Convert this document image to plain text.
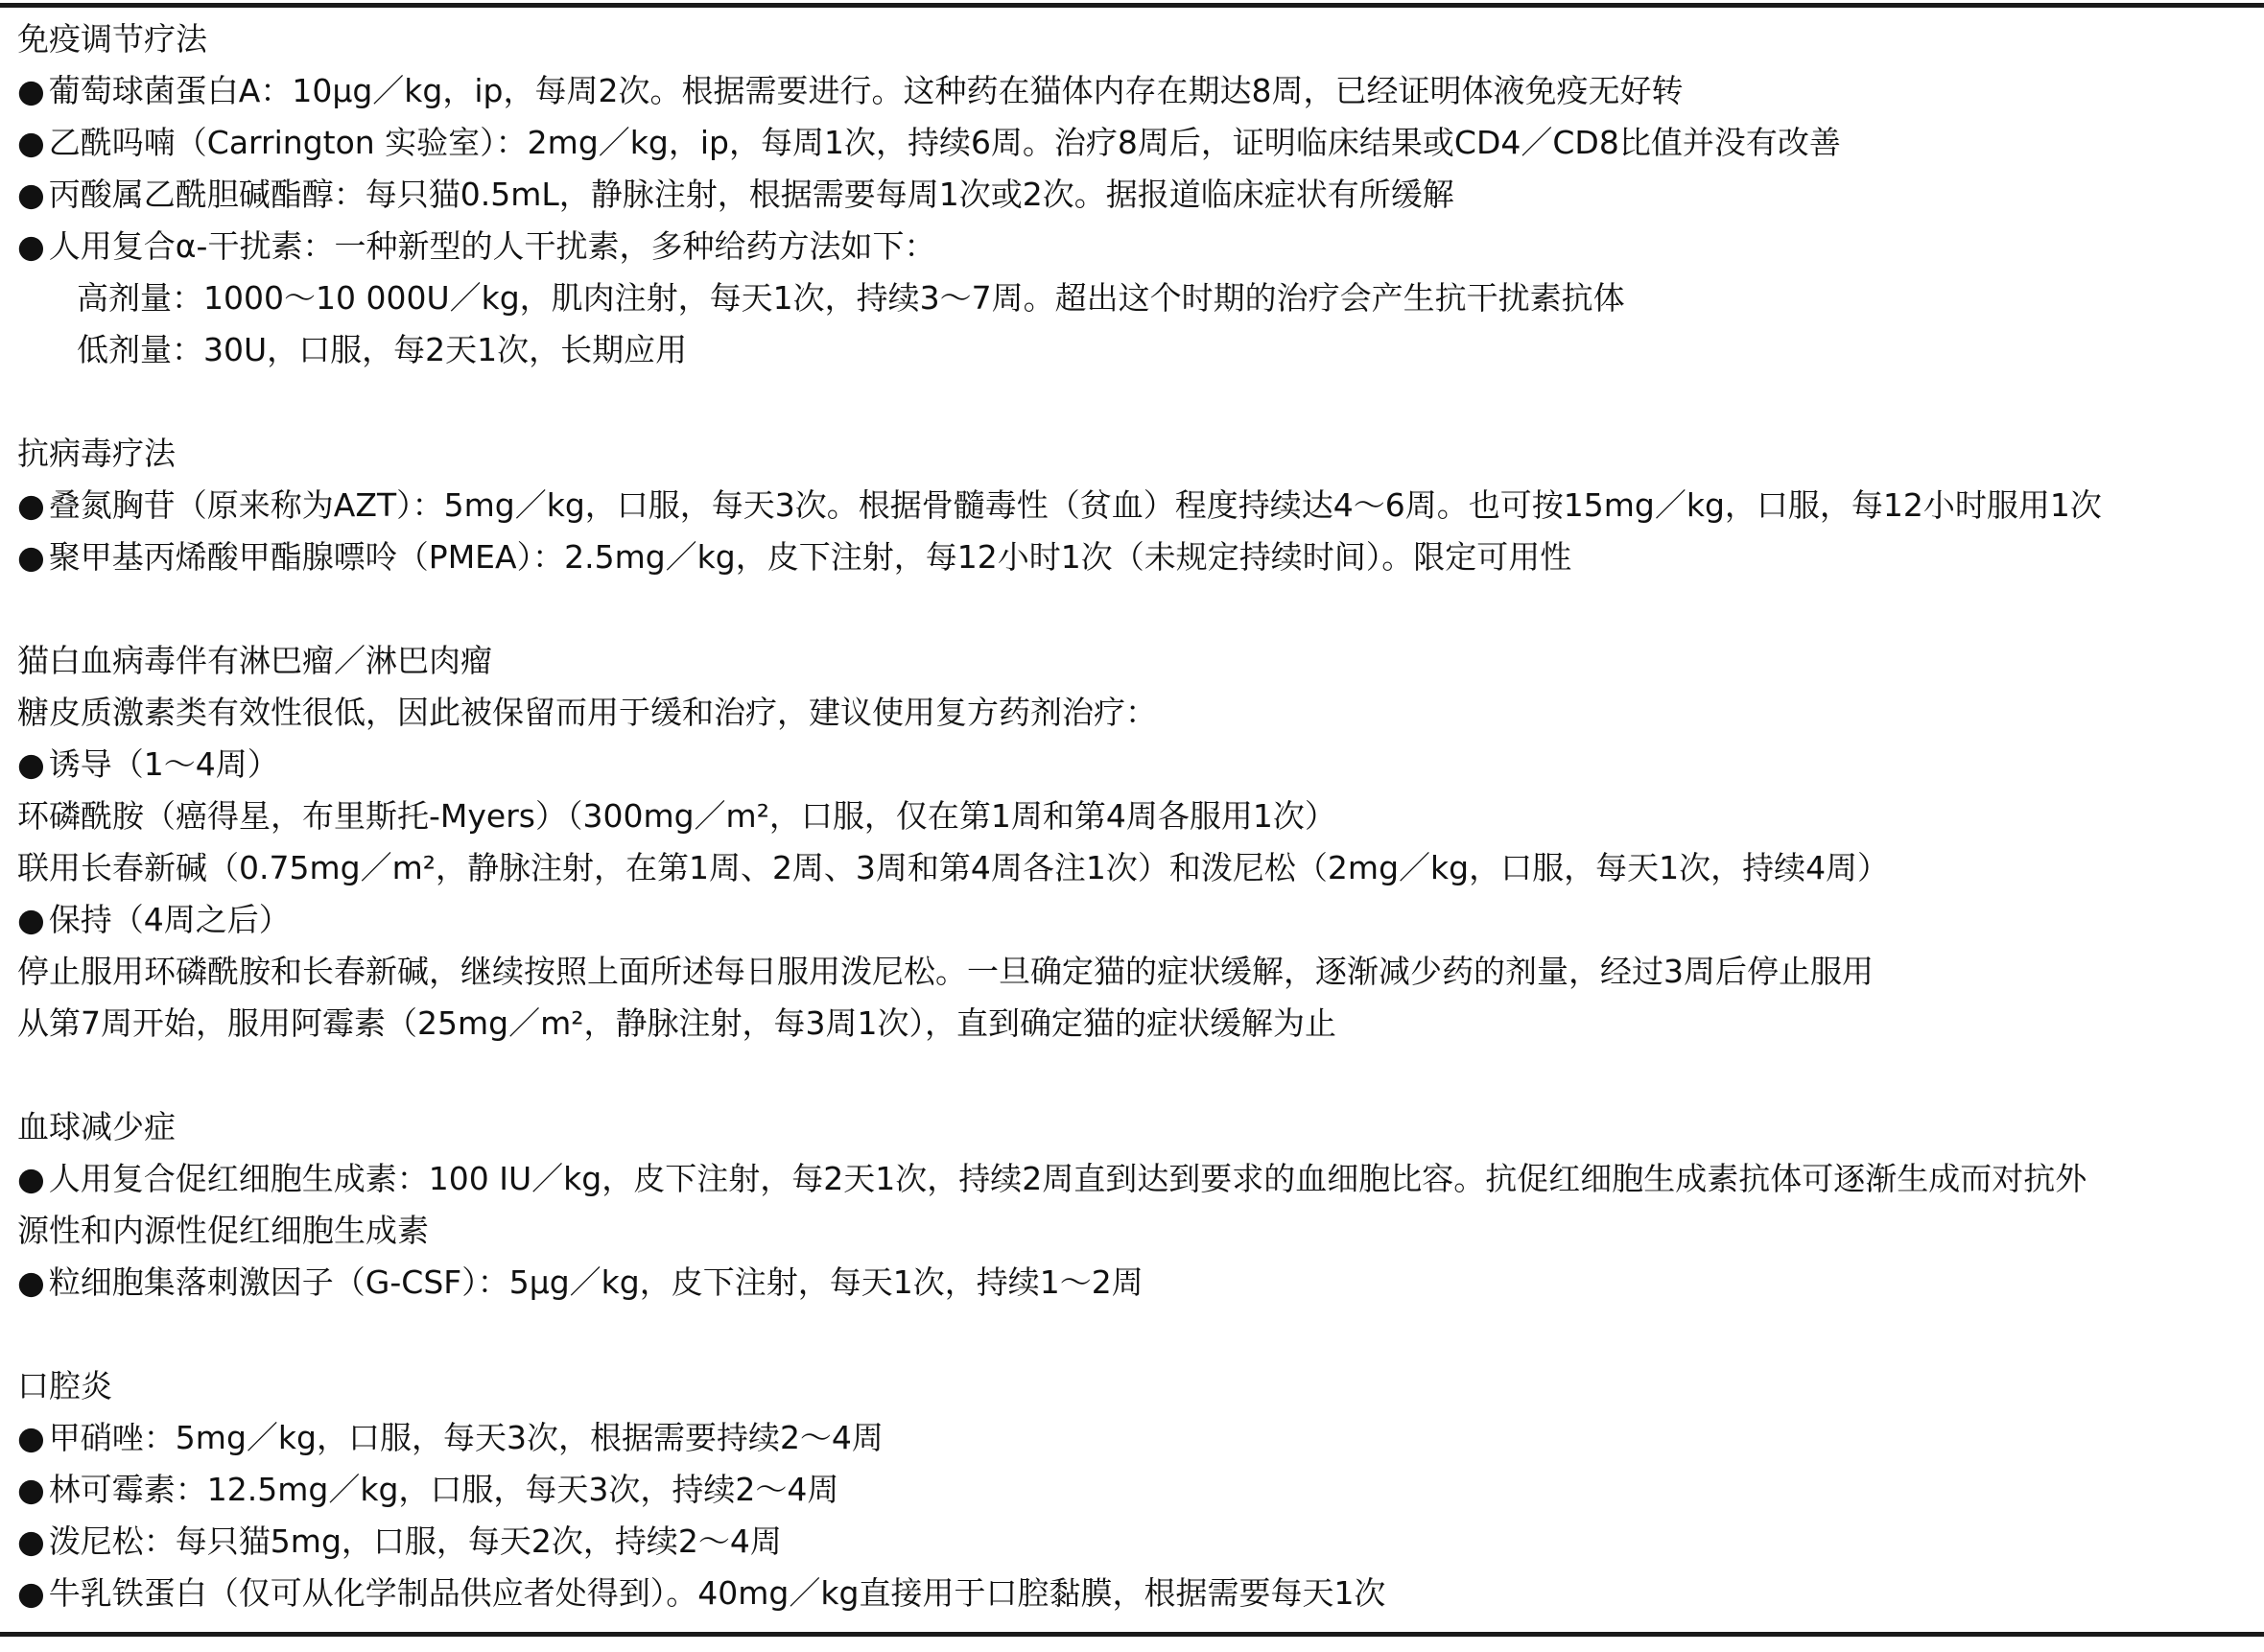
免疫调节疗法
● 葡萄球菌蛋白A：10μg／kg，ip，每周2次。根据需要进行。这种药在猫体内存在期达8周，已经证明体液免疫无好转
● 乙酰吗喃（Carrington 实验室）：2mg／kg，ip，每周1次，持续6周。治疗8周后，证明临床结果或CD4／CD8比值并没有改善
● 丙酸属乙酰胆碱酯醇：每只猫0.5mL，静脉注射，根据需要每周1次或2次。据报道临床症状有所缓解
● 人用复合α-干扰素：一种新型的人干扰素，多种给药方法如下：
高剂量：1000～10 000U／kg，肌肉注射，每天1次，持续3～7周。超出这个时期的治疗会产生抗干扰素抗体
低剂量：30U，口服，每2天1次，长期应用
抗病毒疗法
● 叠氮胸苷（原来称为AZT）：5mg／kg，口服，每天3次。根据骨髓毒性（贫血）程度持续达4～6周。也可按15mg／kg，口服，每12小时服用1次
● 聚甲基丙烯酸甲酯腺嘌呤（PMEA）：2.5mg／kg，皮下注射，每12小时1次（未规定持续时间）。限定可用性
猫白血病毒伴有淋巴瘤／淋巴肉瘤
糖皮质激素类有效性很低，因此被保留而用于缓和治疗，建议使用复方药剂治疗：
● 诱导（1～4周）
环磷酰胺（癌得星，布里斯托-Myers）（300mg／m²，口服，仅在第1周和第4周各服用1次）
联用长春新碱（0.75mg／m²，静脉注射，在第1周、2周、3周和第4周各注1次）和泼尼松（2mg／kg，口服，每天1次，持续4周）
● 保持（4周之后）
停止服用环磷酰胺和长春新碱，继续按照上面所述每日服用泼尼松。一旦确定猫的症状缓解，逐渐减少药的剂量，经过3周后停止服用
从第7周开始，服用阿霉素（25mg／m²，静脉注射，每3周1次），直到确定猫的症状缓解为止
血球减少症
● 人用复合促红细胞生成素：100 IU／kg，皮下注射，每2天1次，持续2周直到达到要求的血细胞比容。抗促红细胞生成素抗体可逐渐生成而对抗外
源性和内源性促红细胞生成素
● 粒细胞集落刺激因子（G-CSF）：5μg／kg，皮下注射，每天1次，持续1～2周
口腔炎
● 甲硝唑：5mg／kg，口服，每天3次，根据需要持续2～4周
● 林可霉素：12.5mg／kg，口服，每天3次，持续2～4周
● 泼尼松：每只猫5mg，口服，每天2次，持续2～4周
● 牛乳铁蛋白（仅可从化学制品供应者处得到）。40mg／kg直接用于口腔黏膜，根据需要每天1次
